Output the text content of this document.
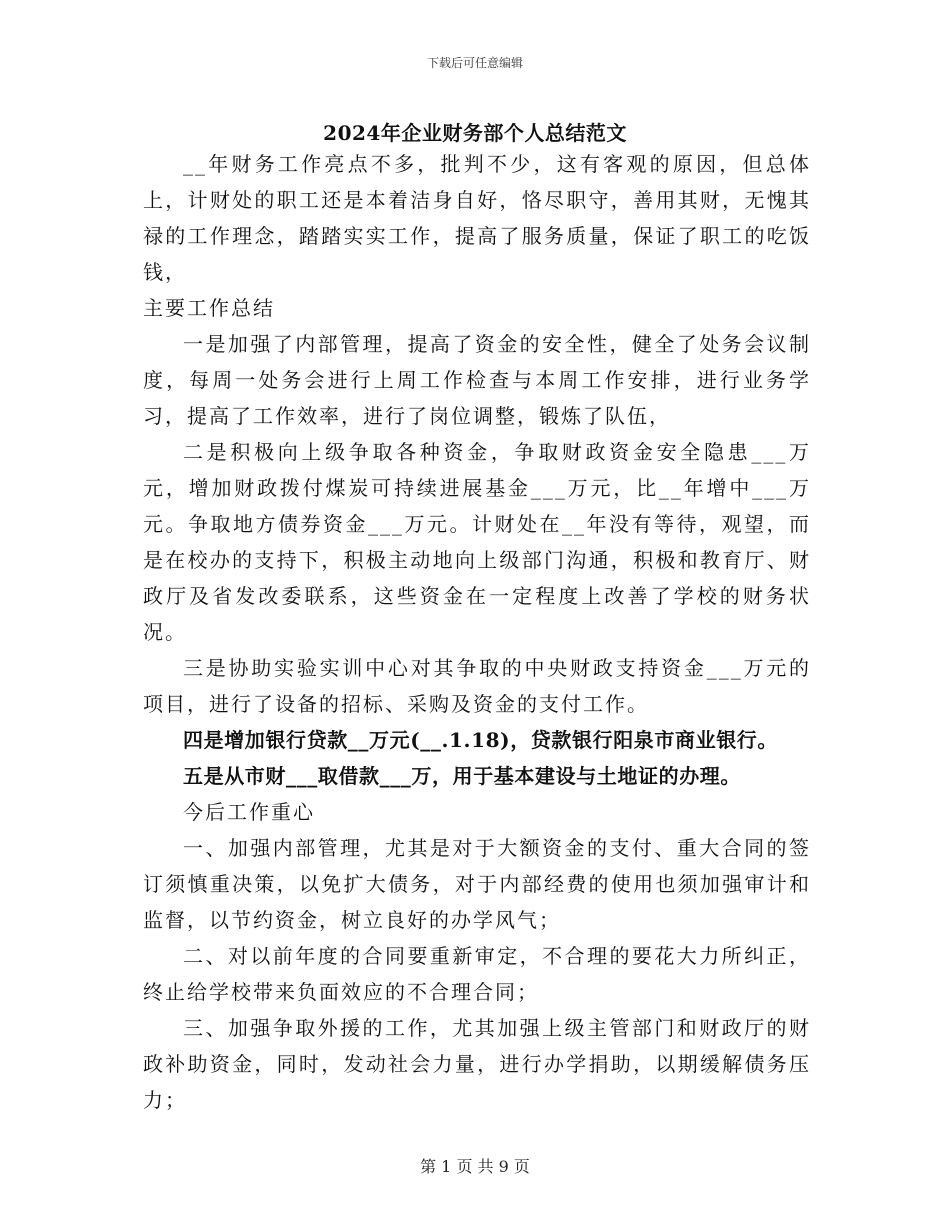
下载后可任意编辑
2024年企业财务部个人总结范文

__年财务工作亮点不多，批判不少，这有客观的原因，但总体上，计财处的职工还是本着洁身自好，恪尽职守，善用其财，无愧其禄的工作理念，踏踏实实工作，提高了服务质量，保证了职工的吃饭钱，

主要工作总结

一是加强了内部管理，提高了资金的安全性，健全了处务会议制度，每周一处务会进行上周工作检查与本周工作安排，进行业务学习，提高了工作效率，进行了岗位调整，锻炼了队伍，

二是积极向上级争取各种资金，争取财政资金安全隐患___万元，增加财政拨付煤炭可持续进展基金___万元，比__年增中___万元。争取地方债券资金___万元。计财处在__年没有等待，观望，而是在校办的支持下，积极主动地向上级部门沟通，积极和教育厅、财政厅及省发改委联系，这些资金在一定程度上改善了学校的财务状况。

三是协助实验实训中心对其争取的中央财政支持资金___万元的项目，进行了设备的招标、采购及资金的支付工作。

四是增加银行贷款__万元(__.1.18)，贷款银行阳泉市商业银行。

五是从市财___取借款___万，用于基本建设与土地证的办理。

今后工作重心

一、加强内部管理，尤其是对于大额资金的支付、重大合同的签订须慎重决策，以免扩大债务，对于内部经费的使用也须加强审计和监督，以节约资金，树立良好的办学风气；

二、对以前年度的合同要重新审定，不合理的要花大力所纠正，终止给学校带来负面效应的不合理合同；

三、加强争取外援的工作，尤其加强上级主管部门和财政厅的财政补助资金，同时，发动社会力量，进行办学捐助，以期缓解债务压力；

第 1 页 共 9 页
